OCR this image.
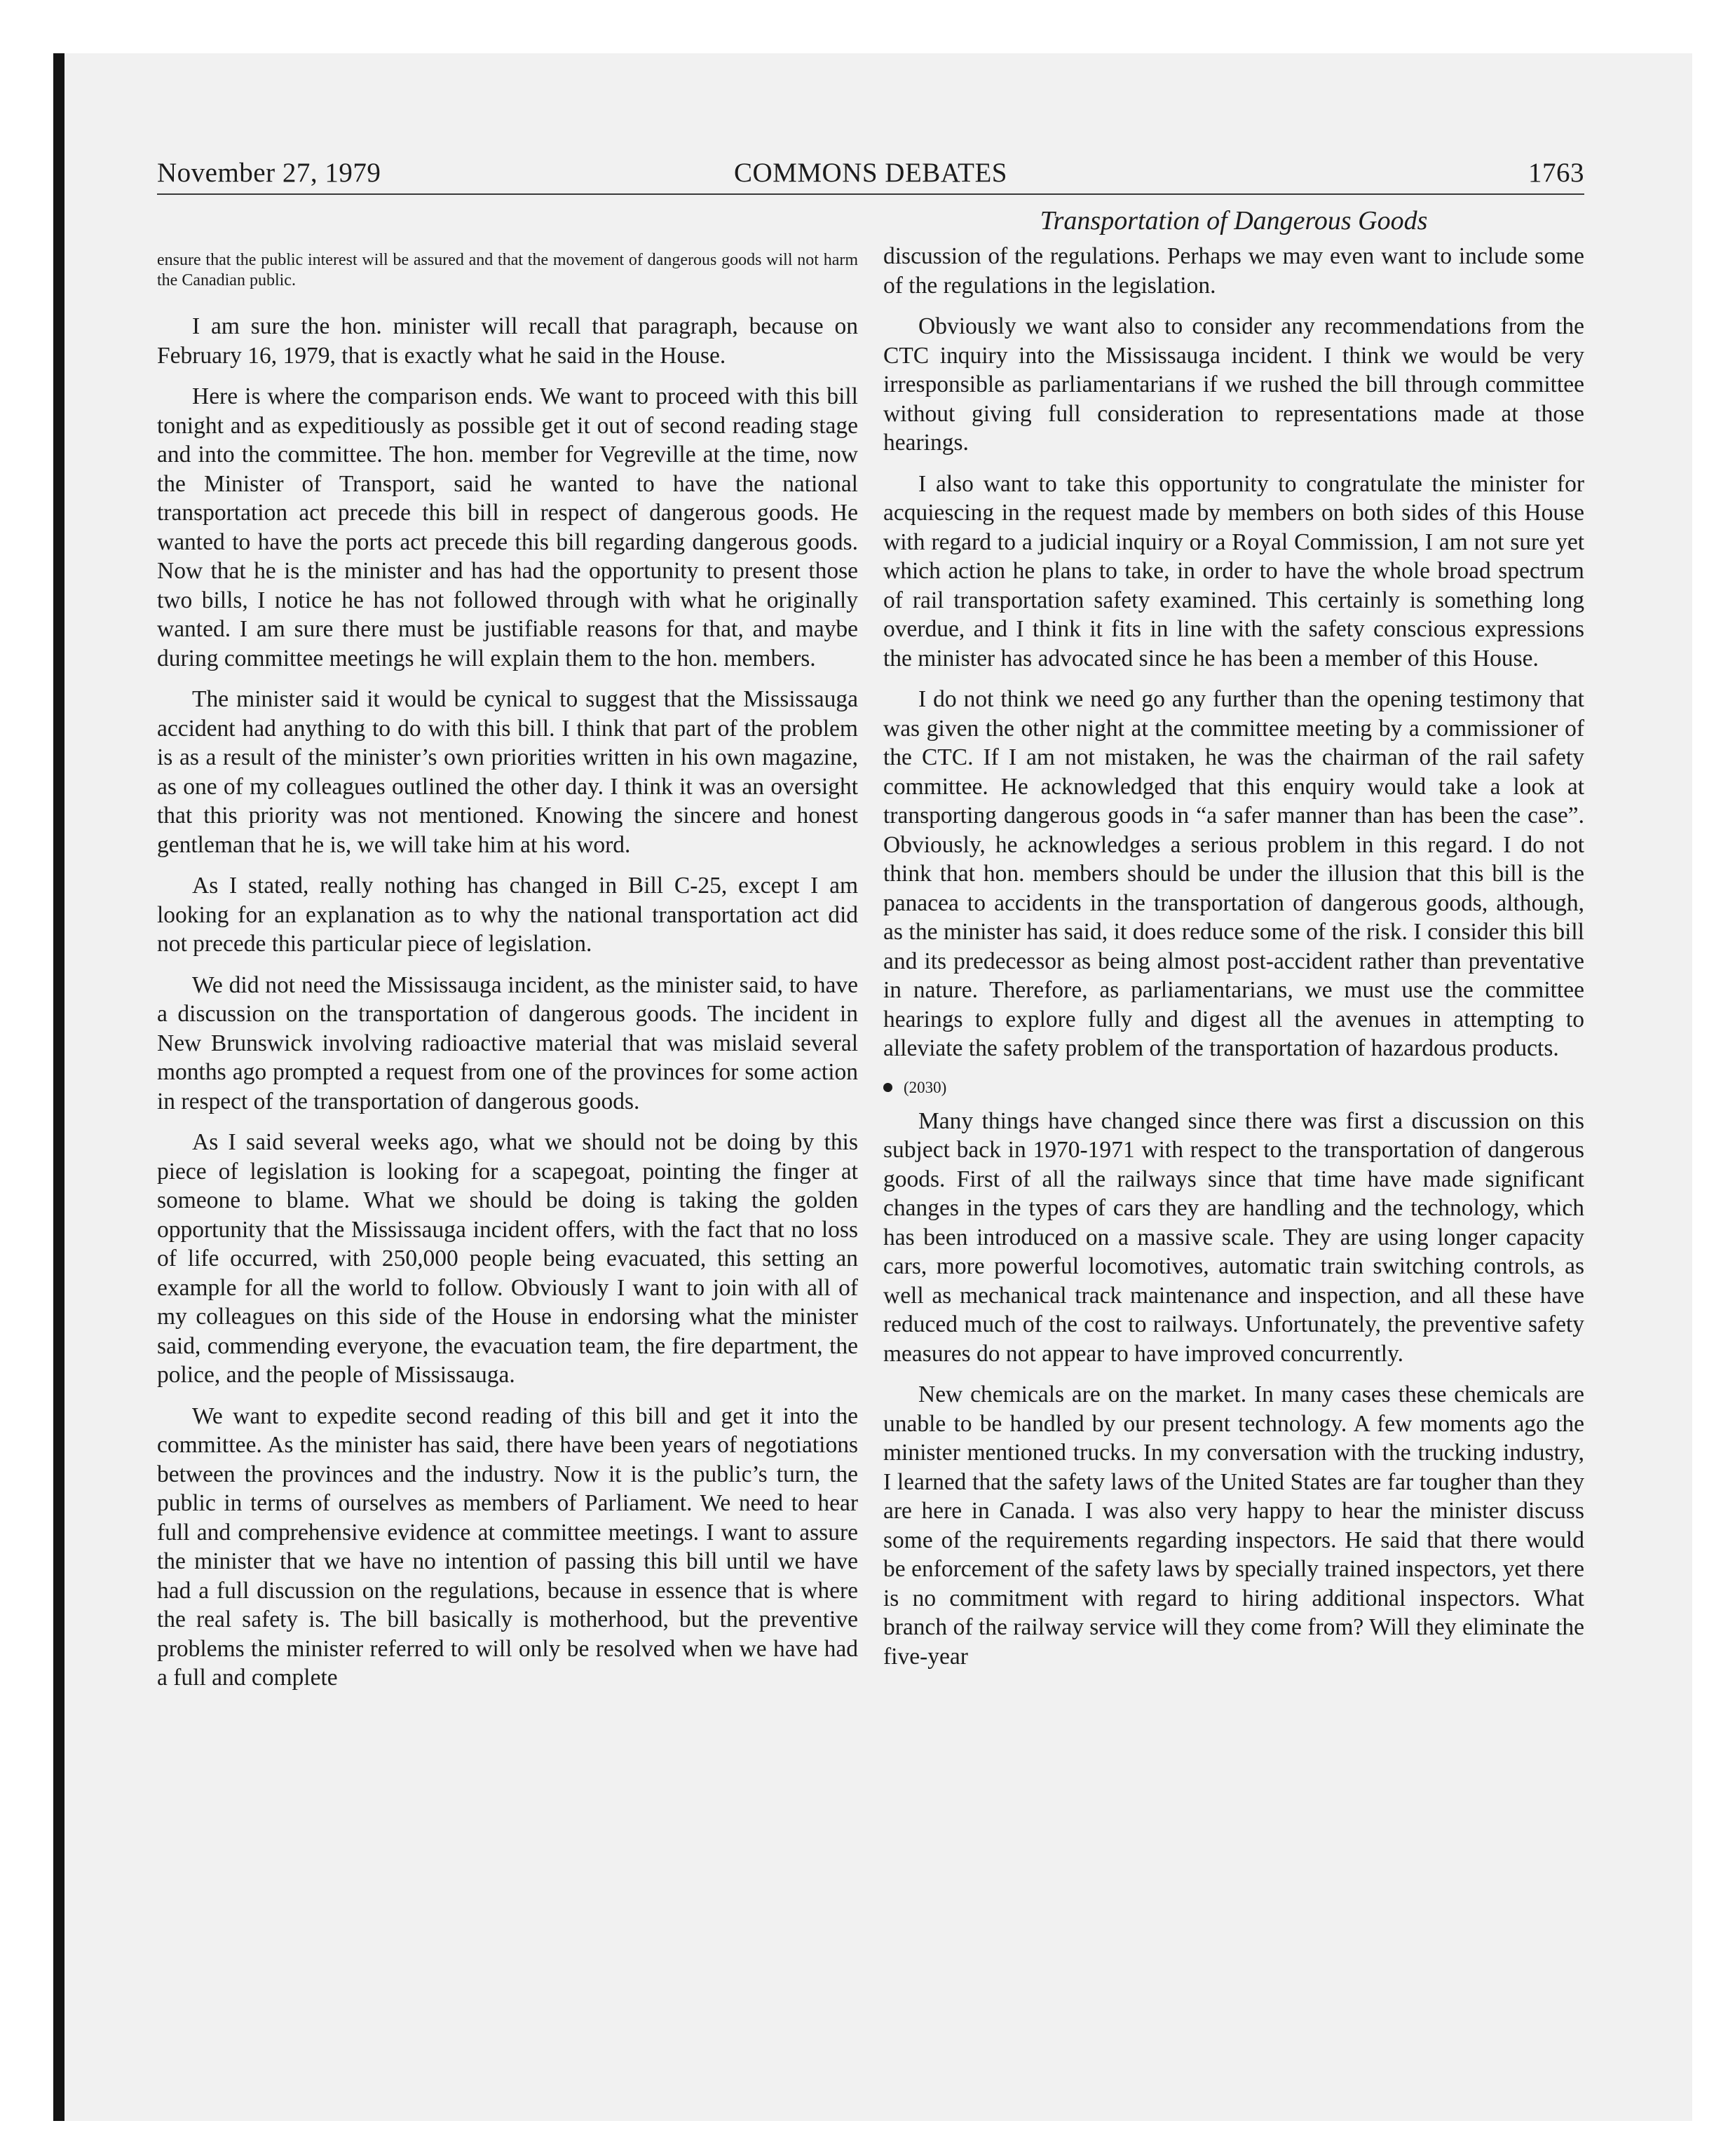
November 27, 1979	COMMONS DEBATES	1763
Transportation of Dangerous Goods

ensure that the public interest will be assured and that the movement of dangerous goods will not harm the Canadian public.

I am sure the hon. minister will recall that paragraph, because on February 16, 1979, that is exactly what he said in the House.

Here is where the comparison ends. We want to proceed with this bill tonight and as expeditiously as possible get it out of second reading stage and into the committee. The hon. member for Vegreville at the time, now the Minister of Transport, said he wanted to have the national transportation act precede this bill in respect of dangerous goods. He wanted to have the ports act precede this bill regarding dangerous goods. Now that he is the minister and has had the opportunity to present those two bills, I notice he has not followed through with what he originally wanted. I am sure there must be justifiable reasons for that, and maybe during committee meetings he will explain them to the hon. members.

The minister said it would be cynical to suggest that the Mississauga accident had anything to do with this bill. I think that part of the problem is as a result of the minister’s own priorities written in his own magazine, as one of my colleagues outlined the other day. I think it was an oversight that this priority was not mentioned. Knowing the sincere and honest gentleman that he is, we will take him at his word.

As I stated, really nothing has changed in Bill C-25, except I am looking for an explanation as to why the national transportation act did not precede this particular piece of legislation.

We did not need the Mississauga incident, as the minister said, to have a discussion on the transportation of dangerous goods. The incident in New Brunswick involving radioactive material that was mislaid several months ago prompted a request from one of the provinces for some action in respect of the transportation of dangerous goods.

As I said several weeks ago, what we should not be doing by this piece of legislation is looking for a scapegoat, pointing the finger at someone to blame. What we should be doing is taking the golden opportunity that the Mississauga incident offers, with the fact that no loss of life occurred, with 250,000 people being evacuated, this setting an example for all the world to follow. Obviously I want to join with all of my colleagues on this side of the House in endorsing what the minister said, commending everyone, the evacuation team, the fire department, the police, and the people of Mississauga.

We want to expedite second reading of this bill and get it into the committee. As the minister has said, there have been years of negotiations between the provinces and the industry. Now it is the public’s turn, the public in terms of ourselves as members of Parliament. We need to hear full and comprehensive evidence at committee meetings. I want to assure the minister that we have no intention of passing this bill until we have had a full discussion on the regulations, because in essence that is where the real safety is. The bill basically is motherhood, but the preventive problems the minister referred to will only be resolved when we have had a full and complete

discussion of the regulations. Perhaps we may even want to include some of the regulations in the legislation.

Obviously we want also to consider any recommendations from the CTC inquiry into the Mississauga incident. I think we would be very irresponsible as parliamentarians if we rushed the bill through committee without giving full consideration to representations made at those hearings.

I also want to take this opportunity to congratulate the minister for acquiescing in the request made by members on both sides of this House with regard to a judicial inquiry or a Royal Commission, I am not sure yet which action he plans to take, in order to have the whole broad spectrum of rail transportation safety examined. This certainly is something long overdue, and I think it fits in line with the safety conscious expressions the minister has advocated since he has been a member of this House.

I do not think we need go any further than the opening testimony that was given the other night at the committee meeting by a commissioner of the CTC. If I am not mistaken, he was the chairman of the rail safety committee. He acknowledged that this enquiry would take a look at transporting dangerous goods in “a safer manner than has been the case”. Obviously, he acknowledges a serious problem in this regard. I do not think that hon. members should be under the illusion that this bill is the panacea to accidents in the transportation of dangerous goods, although, as the minister has said, it does reduce some of the risk. I consider this bill and its predecessor as being almost post-accident rather than preventative in nature. Therefore, as parliamentarians, we must use the committee hearings to explore fully and digest all the avenues in attempting to alleviate the safety problem of the transportation of hazardous products.

(2030)

Many things have changed since there was first a discussion on this subject back in 1970-1971 with respect to the transportation of dangerous goods. First of all the railways since that time have made significant changes in the types of cars they are handling and the technology, which has been introduced on a massive scale. They are using longer capacity cars, more powerful locomotives, automatic train switching controls, as well as mechanical track maintenance and inspection, and all these have reduced much of the cost to railways. Unfortunately, the preventive safety measures do not appear to have improved concurrently.

New chemicals are on the market. In many cases these chemicals are unable to be handled by our present technology. A few moments ago the minister mentioned trucks. In my conversation with the trucking industry, I learned that the safety laws of the United States are far tougher than they are here in Canada. I was also very happy to hear the minister discuss some of the requirements regarding inspectors. He said that there would be enforcement of the safety laws by specially trained inspectors, yet there is no commitment with regard to hiring additional inspectors. What branch of the railway service will they come from? Will they eliminate the five-year
